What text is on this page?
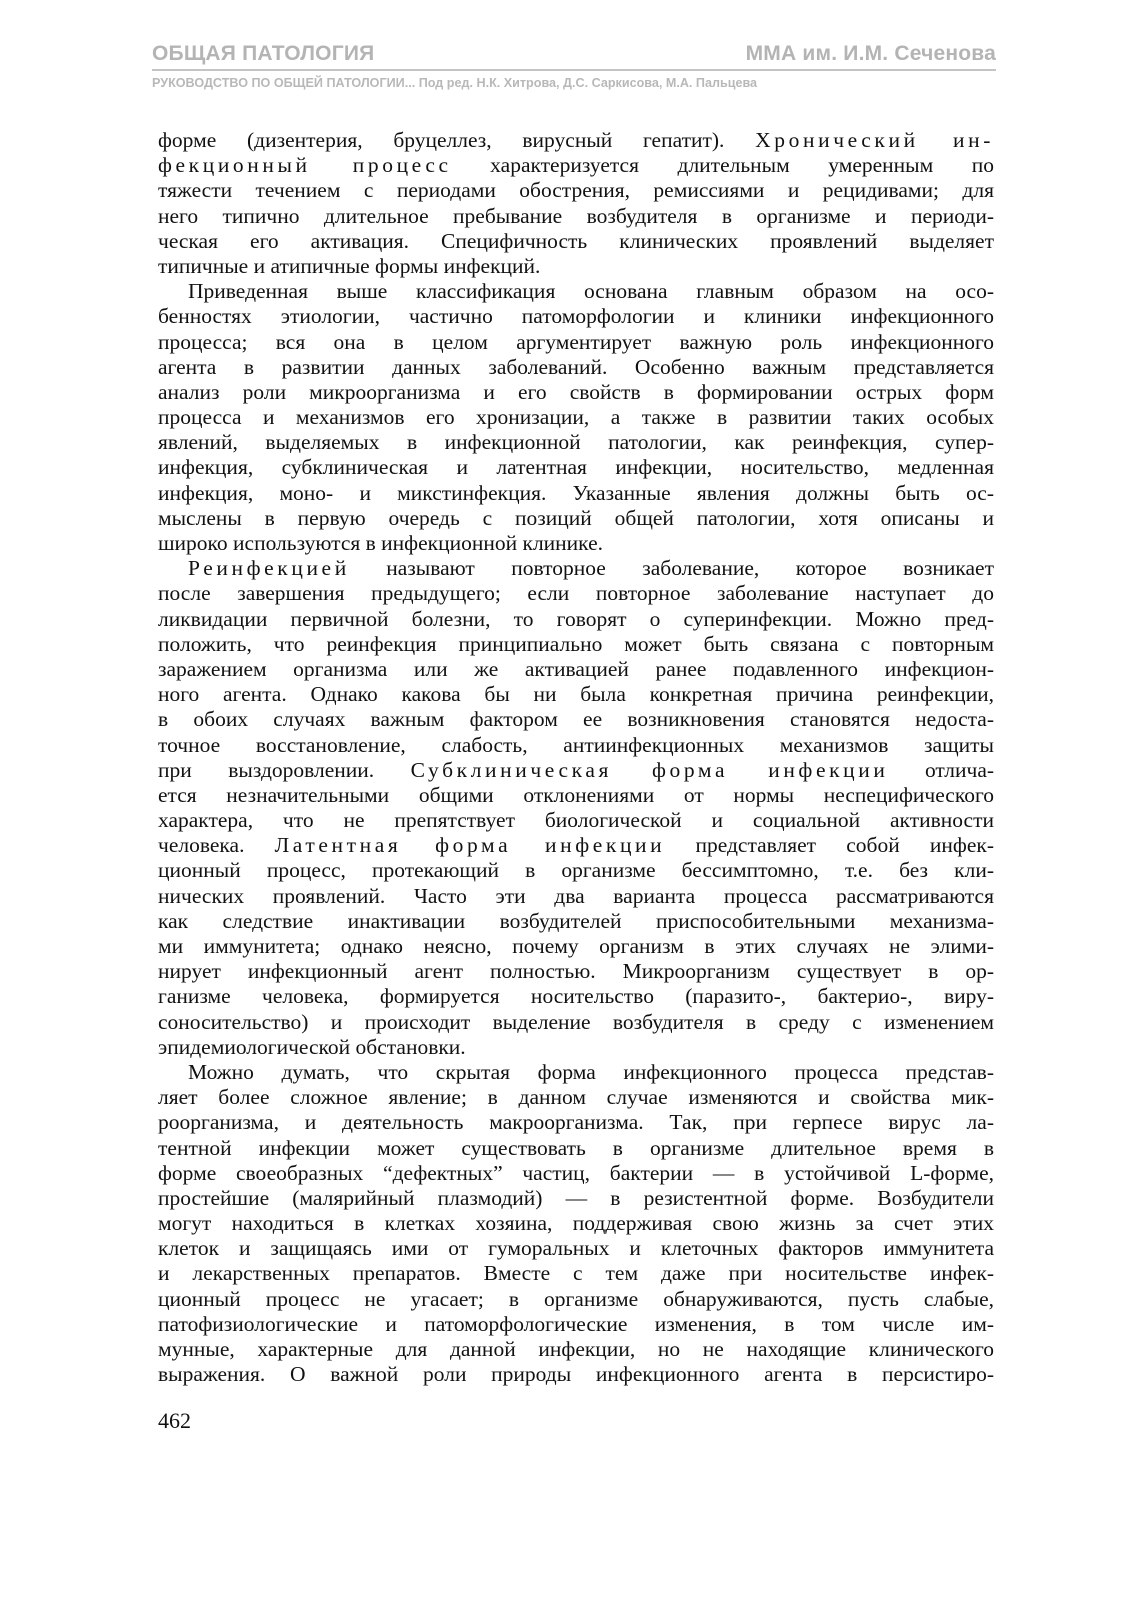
ОБЩАЯ ПАТОЛОГИЯ	ММА им. И.М. Сеченова
РУКОВОДСТВО ПО ОБЩЕЙ ПАТОЛОГИИ... Под ред. Н.К. Хитрова, Д.С. Саркисова, М.А. Пальцева
форме (дизентерия, бруцеллез, вирусный гепатит). Хронический ин-
фекционный процесс характеризуется длительным умеренным по
тяжести течением с периодами обострения, ремиссиями и рецидивами; для
него типично длительное пребывание возбудителя в организме и периоди-
ческая его активация. Специфичность клинических проявлений выделяет
типичные и атипичные формы инфекций.
Приведенная выше классификация основана главным образом на осо-
бенностях этиологии, частично патоморфологии и клиники инфекционного
процесса; вся она в целом аргументирует важную роль инфекционного
агента в развитии данных заболеваний. Особенно важным представляется
анализ роли микроорганизма и его свойств в формировании острых форм
процесса и механизмов его хронизации, а также в развитии таких особых
явлений, выделяемых в инфекционной патологии, как реинфекция, супер-
инфекция, субклиническая и латентная инфекции, носительство, медленная
инфекция, моно- и микстинфекция. Указанные явления должны быть ос-
мыслены в первую очередь с позиций общей патологии, хотя описаны и
широко используются в инфекционной клинике.
Реинфекцией называют повторное заболевание, которое возникает
после завершения предыдущего; если повторное заболевание наступает до
ликвидации первичной болезни, то говорят о суперинфекции. Можно пред-
положить, что реинфекция принципиально может быть связана с повторным
заражением организма или же активацией ранее подавленного инфекцион-
ного агента. Однако какова бы ни была конкретная причина реинфекции,
в обоих случаях важным фактором ее возникновения становятся недоста-
точное восстановление, слабость, антиинфекционных механизмов защиты
при выздоровлении. Субклиническая форма инфекции отлича-
ется незначительными общими отклонениями от нормы неспецифического
характера, что не препятствует биологической и социальной активности
человека. Латентная форма инфекции представляет собой инфек-
ционный процесс, протекающий в организме бессимптомно, т.е. без кли-
нических проявлений. Часто эти два варианта процесса рассматриваются
как следствие инактивации возбудителей приспособительными механизма-
ми иммунитета; однако неясно, почему организм в этих случаях не элими-
нирует инфекционный агент полностью. Микроорганизм существует в ор-
ганизме человека, формируется носительство (паразито-, бактерио-, виру-
соносительство) и происходит выделение возбудителя в среду с изменением
эпидемиологической обстановки.
Можно думать, что скрытая форма инфекционного процесса представ-
ляет более сложное явление; в данном случае изменяются и свойства мик-
роорганизма, и деятельность макроорганизма. Так, при герпесе вирус ла-
тентной инфекции может существовать в организме длительное время в
форме своеобразных “дефектных” частиц, бактерии — в устойчивой L-форме,
простейшие (малярийный плазмодий) — в резистентной форме. Возбудители
могут находиться в клетках хозяина, поддерживая свою жизнь за счет этих
клеток и защищаясь ими от гуморальных и клеточных факторов иммунитета
и лекарственных препаратов. Вместе с тем даже при носительстве инфек-
ционный процесс не угасает; в организме обнаруживаются, пусть слабые,
патофизиологические и патоморфологические изменения, в том числе им-
мунные, характерные для данной инфекции, но не находящие клинического
выражения. О важной роли природы инфекционного агента в персистиро-
462
